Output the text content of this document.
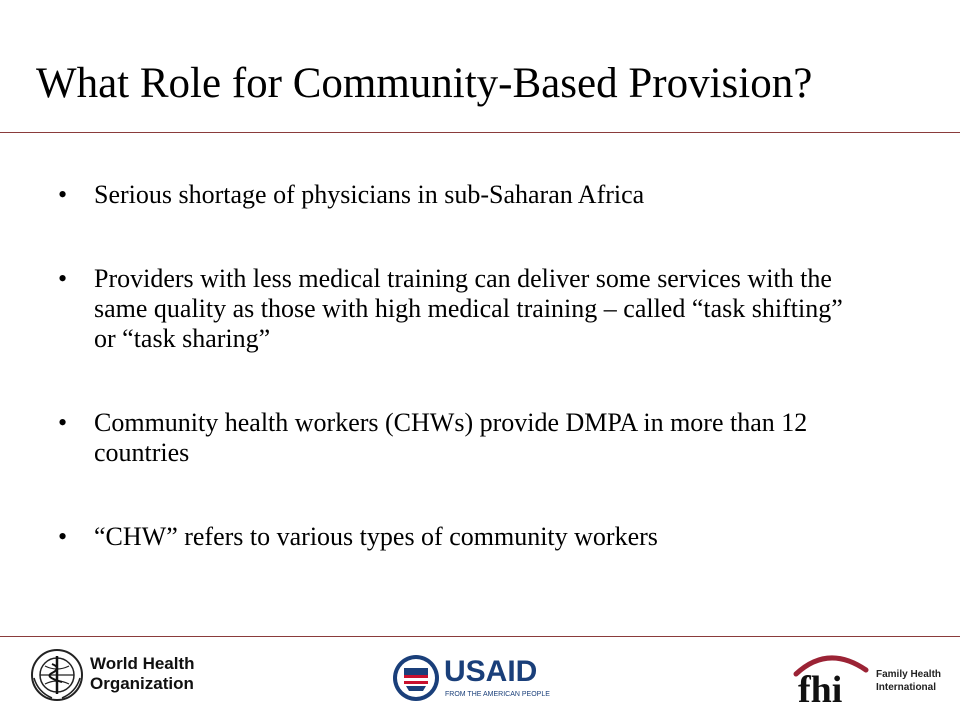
What Role for Community-Based Provision?
• Serious shortage of physicians in sub-Saharan Africa
• Providers with less medical training can deliver some services with the same quality as those with high medical training – called “task shifting” or “task sharing”
• Community health workers (CHWs) provide DMPA in more than 12 countries
• “CHW” refers to various types of community workers
World Health
Organization	USAID
FROM THE AMERICAN PEOPLE	fhi	Family Health
International
